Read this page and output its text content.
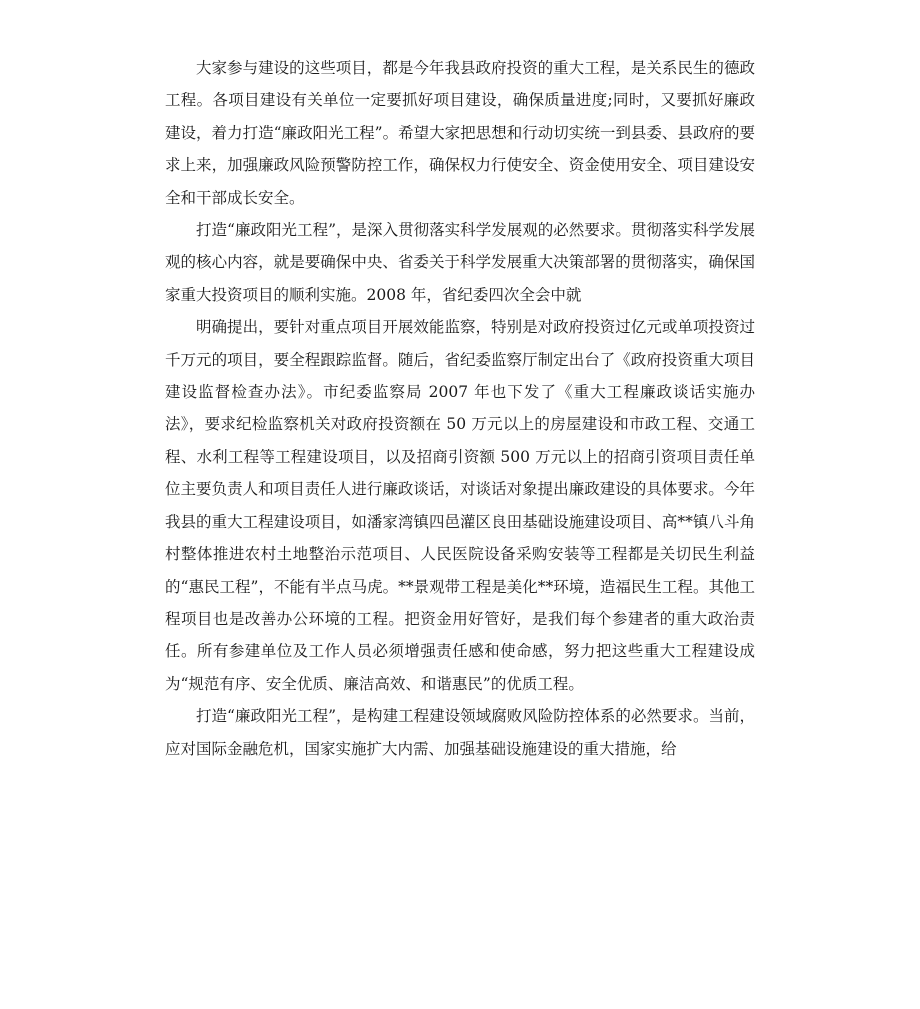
大家参与建设的这些项目，都是今年我县政府投资的重大工程，是关系民生的德政工程。各项目建设有关单位一定要抓好项目建设，确保质量进度;同时，又要抓好廉政建设，着力打造“廉政阳光工程”。希望大家把思想和行动切实统一到县委、县政府的要求上来，加强廉政风险预警防控工作，确保权力行使安全、资金使用安全、项目建设安全和干部成长安全。

打造“廉政阳光工程”，是深入贯彻落实科学发展观的必然要求。贯彻落实科学发展观的核心内容，就是要确保中央、省委关于科学发展重大决策部署的贯彻落实，确保国家重大投资项目的顺利实施。2008 年，省纪委四次全会中就

明确提出，要针对重点项目开展效能监察，特别是对政府投资过亿元或单项投资过千万元的项目，要全程跟踪监督。随后，省纪委监察厅制定出台了《政府投资重大项目建设监督检查办法》。市纪委监察局 2007 年也下发了《重大工程廉政谈话实施办法》，要求纪检监察机关对政府投资额在 50 万元以上的房屋建设和市政工程、交通工程、水利工程等工程建设项目，以及招商引资额 500 万元以上的招商引资项目责任单位主要负责人和项目责任人进行廉政谈话，对谈话对象提出廉政建设的具体要求。今年我县的重大工程建设项目，如潘家湾镇四邑灌区良田基础设施建设项目、高**镇八斗角村整体推进农村土地整治示范项目、人民医院设备采购安装等工程都是关切民生利益的“惠民工程”，不能有半点马虎。**景观带工程是美化**环境，造福民生工程。其他工程项目也是改善办公环境的工程。把资金用好管好，是我们每个参建者的重大政治责任。所有参建单位及工作人员必须增强责任感和使命感，努力把这些重大工程建设成为“规范有序、安全优质、廉洁高效、和谐惠民”的优质工程。

打造“廉政阳光工程”，是构建工程建设领域腐败风险防控体系的必然要求。当前，应对国际金融危机，国家实施扩大内需、加强基础设施建设的重大措施，给
